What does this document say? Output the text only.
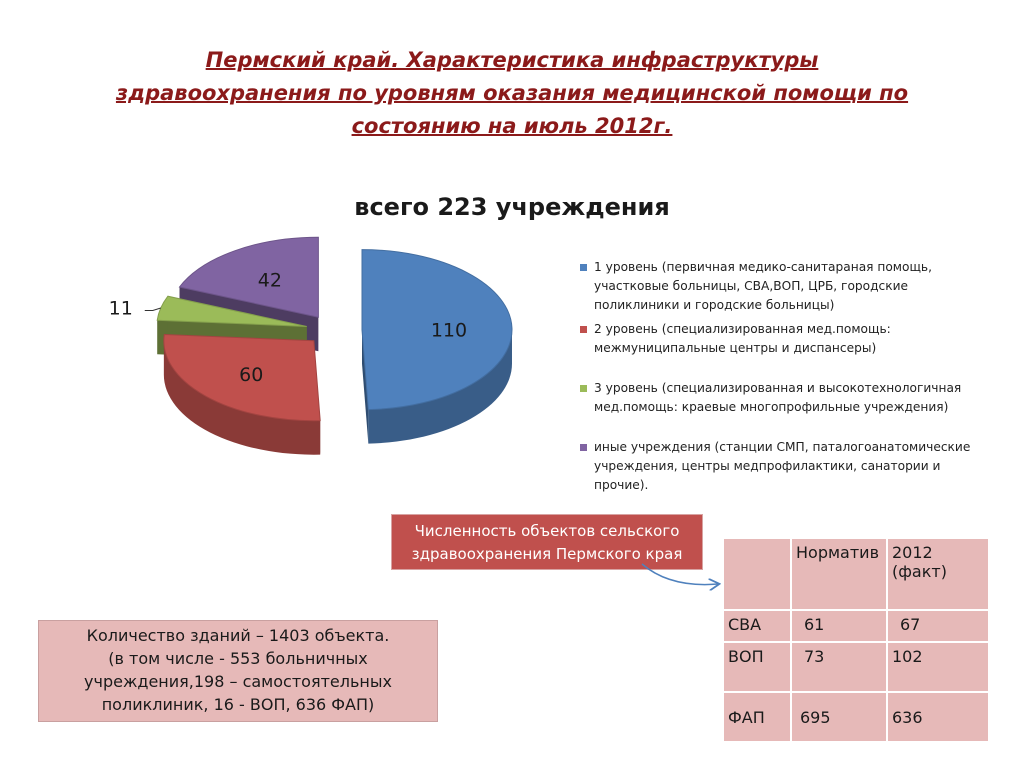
Пермский край. Характеристика инфраструктуры
здравоохранения по уровням оказания медицинской помощи по
состоянию на июль 2012г.
всего 223 учреждения
110
60
11
42
1 уровень (первичная медико-санитараная помощь,
участковые больницы, СВА,ВОП, ЦРБ, городские
поликлиники и городские больницы)
2 уровень (специализированная мед.помощь:
межмуниципальные центры и диспансеры)
3 уровень (специализированная и высокотехнологичная
мед.помощь: краевые многопрофильные учреждения)
иные учреждения (станции СМП, паталогоанатомические
учреждения, центры медпрофилактики, санатории и
прочие).
Численность объектов сельского
здравоохранения Пермского края
Количество зданий – 1403 объекта.
(в том числе - 553 больничных
учреждения,198 – самостоятельных
поликлиник, 16 - ВОП, 636 ФАП)
	Норматив	2012 (факт)
СВА	61	67
ВОП	73	102
ФАП	695	636
